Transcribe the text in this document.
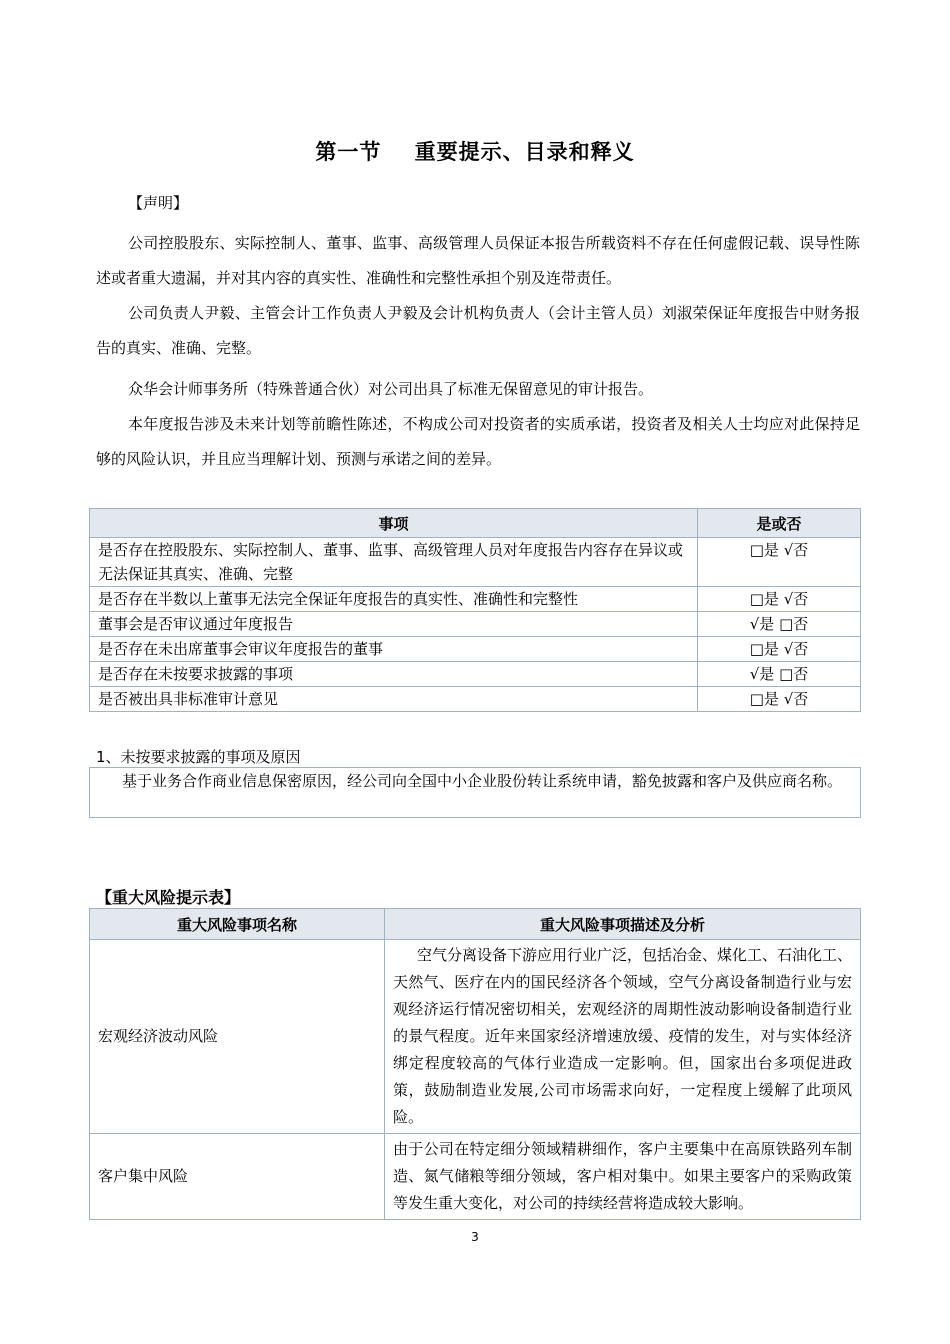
第一节    重要提示、目录和释义
【声明】
公司控股股东、实际控制人、董事、监事、高级管理人员保证本报告所载资料不存在任何虚假记载、误导性陈述或者重大遗漏，并对其内容的真实性、准确性和完整性承担个别及连带责任。
公司负责人尹毅、主管会计工作负责人尹毅及会计机构负责人（会计主管人员）刘淑荣保证年度报告中财务报告的真实、准确、完整。
众华会计师事务所（特殊普通合伙）对公司出具了标准无保留意见的审计报告。
本年度报告涉及未来计划等前瞻性陈述，不构成公司对投资者的实质承诺，投资者及相关人士均应对此保持足够的风险认识，并且应当理解计划、预测与承诺之间的差异。
事项	是或否
是否存在控股股东、实际控制人、董事、监事、高级管理人员对年度报告内容存在异议或无法保证其真实、准确、完整	□是 √否
是否存在半数以上董事无法完全保证年度报告的真实性、准确性和完整性	□是 √否
董事会是否审议通过年度报告	√是 □否
是否存在未出席董事会审议年度报告的董事	□是 √否
是否存在未按要求披露的事项	√是 □否
是否被出具非标准审计意见	□是 √否
1、未按要求披露的事项及原因
基于业务合作商业信息保密原因，经公司向全国中小企业股份转让系统申请，豁免披露和客户及供应商名称。
【重大风险提示表】
重大风险事项名称	重大风险事项描述及分析
宏观经济波动风险	空气分离设备下游应用行业广泛，包括冶金、煤化工、石油化工、天然气、医疗在内的国民经济各个领域，空气分离设备制造行业与宏观经济运行情况密切相关，宏观经济的周期性波动影响设备制造行业的景气程度。近年来国家经济增速放缓、疫情的发生，对与实体经济绑定程度较高的气体行业造成一定影响。但，国家出台多项促进政策，鼓励制造业发展,公司市场需求向好，一定程度上缓解了此项风险。
客户集中风险	由于公司在特定细分领域精耕细作，客户主要集中在高原铁路列车制造、氮气储粮等细分领域，客户相对集中。如果主要客户的采购政策等发生重大变化，对公司的持续经营将造成较大影响。
3
